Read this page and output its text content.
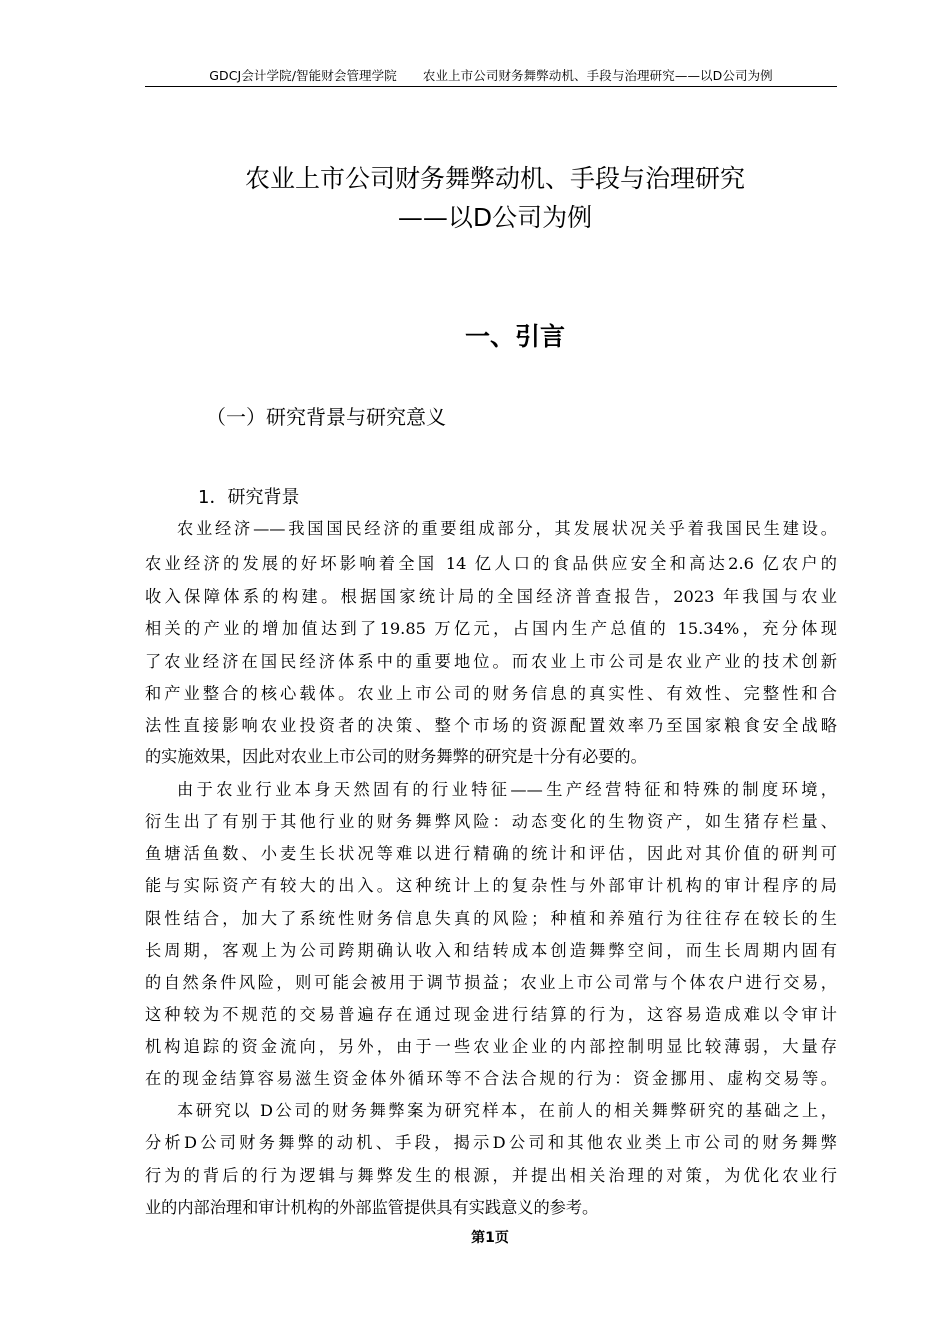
GDCJ会计学院/智能财会管理学院 农业上市公司财务舞弊动机、手段与治理研究——以D公司为例
农业上市公司财务舞弊动机、手段与治理研究
——以D公司为例
一、引言
（一）研究背景与研究意义
1．研究背景
农业经济——我国国民经济的重要组成部分，其发展状况关乎着我国民生建设。
农业经济的发展的好坏影响着全国 14 亿人口的食品供应安全和高达2.6 亿农户的
收入保障体系的构建。根据国家统计局的全国经济普查报告，2023 年我国与农业
相关的产业的增加值达到了19.85 万亿元，占国内生产总值的 15.34%，充分体现
了农业经济在国民经济体系中的重要地位。而农业上市公司是农业产业的技术创新
和产业整合的核心载体。农业上市公司的财务信息的真实性、有效性、完整性和合
法性直接影响农业投资者的决策、整个市场的资源配置效率乃至国家粮食安全战略
的实施效果，因此对农业上市公司的财务舞弊的研究是十分有必要的。
由于农业行业本身天然固有的行业特征——生产经营特征和特殊的制度环境，
衍生出了有别于其他行业的财务舞弊风险：动态变化的生物资产，如生猪存栏量、
鱼塘活鱼数、小麦生长状况等难以进行精确的统计和评估，因此对其价值的研判可
能与实际资产有较大的出入。这种统计上的复杂性与外部审计机构的审计程序的局
限性结合，加大了系统性财务信息失真的风险；种植和养殖行为往往存在较长的生
长周期，客观上为公司跨期确认收入和结转成本创造舞弊空间，而生长周期内固有
的自然条件风险，则可能会被用于调节损益；农业上市公司常与个体农户进行交易，
这种较为不规范的交易普遍存在通过现金进行结算的行为，这容易造成难以令审计
机构追踪的资金流向，另外，由于一些农业企业的内部控制明显比较薄弱，大量存
在的现金结算容易滋生资金体外循环等不合法合规的行为：资金挪用、虚构交易等。
本研究以 D公司的财务舞弊案为研究样本，在前人的相关舞弊研究的基础之上，
分析D公司财务舞弊的动机、手段，揭示D公司和其他农业类上市公司的财务舞弊
行为的背后的行为逻辑与舞弊发生的根源，并提出相关治理的对策，为优化农业行
业的内部治理和审计机构的外部监管提供具有实践意义的参考。
第1页
